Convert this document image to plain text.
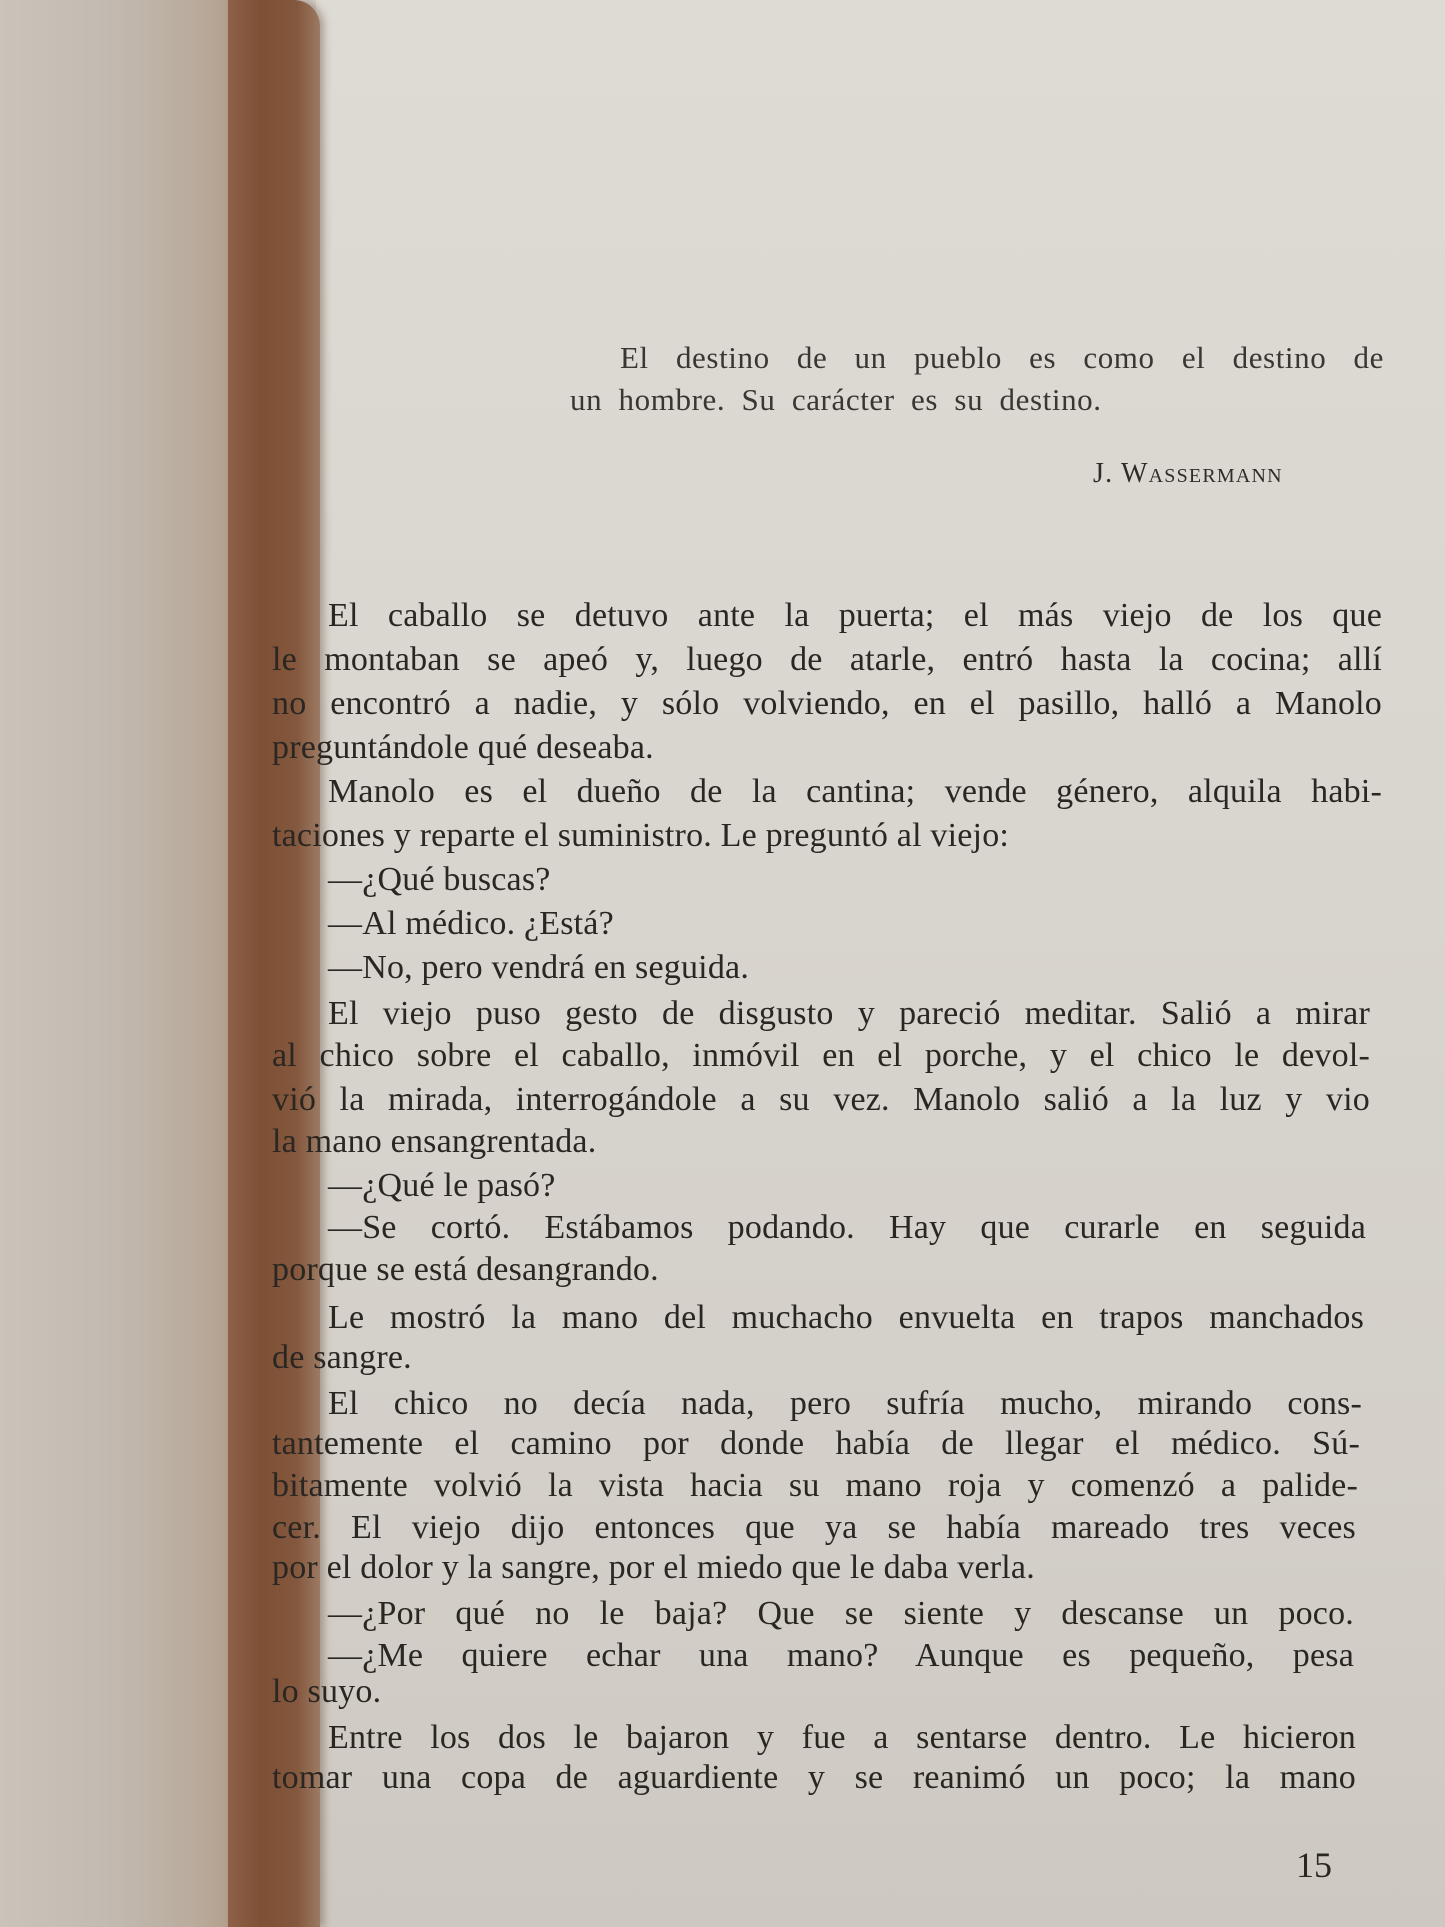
El destino de un pueblo es como el destino de
un hombre. Su carácter es su destino.
J. Wassermann
El caballo se detuvo ante la puerta; el más viejo de los que
le montaban se apeó y, luego de atarle, entró hasta la cocina; allí
no encontró a nadie, y sólo volviendo, en el pasillo, halló a Manolo
preguntándole qué deseaba.
Manolo es el dueño de la cantina; vende género, alquila habi-
taciones y reparte el suministro. Le preguntó al viejo:
—¿Qué buscas?
—Al médico. ¿Está?
—No, pero vendrá en seguida.
El viejo puso gesto de disgusto y pareció meditar. Salió a mirar
al chico sobre el caballo, inmóvil en el porche, y el chico le devol-
vió la mirada, interrogándole a su vez. Manolo salió a la luz y vio
la mano ensangrentada.
—¿Qué le pasó?
—Se cortó. Estábamos podando. Hay que curarle en seguida
porque se está desangrando.
Le mostró la mano del muchacho envuelta en trapos manchados
de sangre.
El chico no decía nada, pero sufría mucho, mirando cons-
tantemente el camino por donde había de llegar el médico. Sú-
bitamente volvió la vista hacia su mano roja y comenzó a palide-
cer. El viejo dijo entonces que ya se había mareado tres veces
por el dolor y la sangre, por el miedo que le daba verla.
—¿Por qué no le baja? Que se siente y descanse un poco.
—¿Me quiere echar una mano? Aunque es pequeño, pesa
lo suyo.
Entre los dos le bajaron y fue a sentarse dentro. Le hicieron
tomar una copa de aguardiente y se reanimó un poco; la mano
15
